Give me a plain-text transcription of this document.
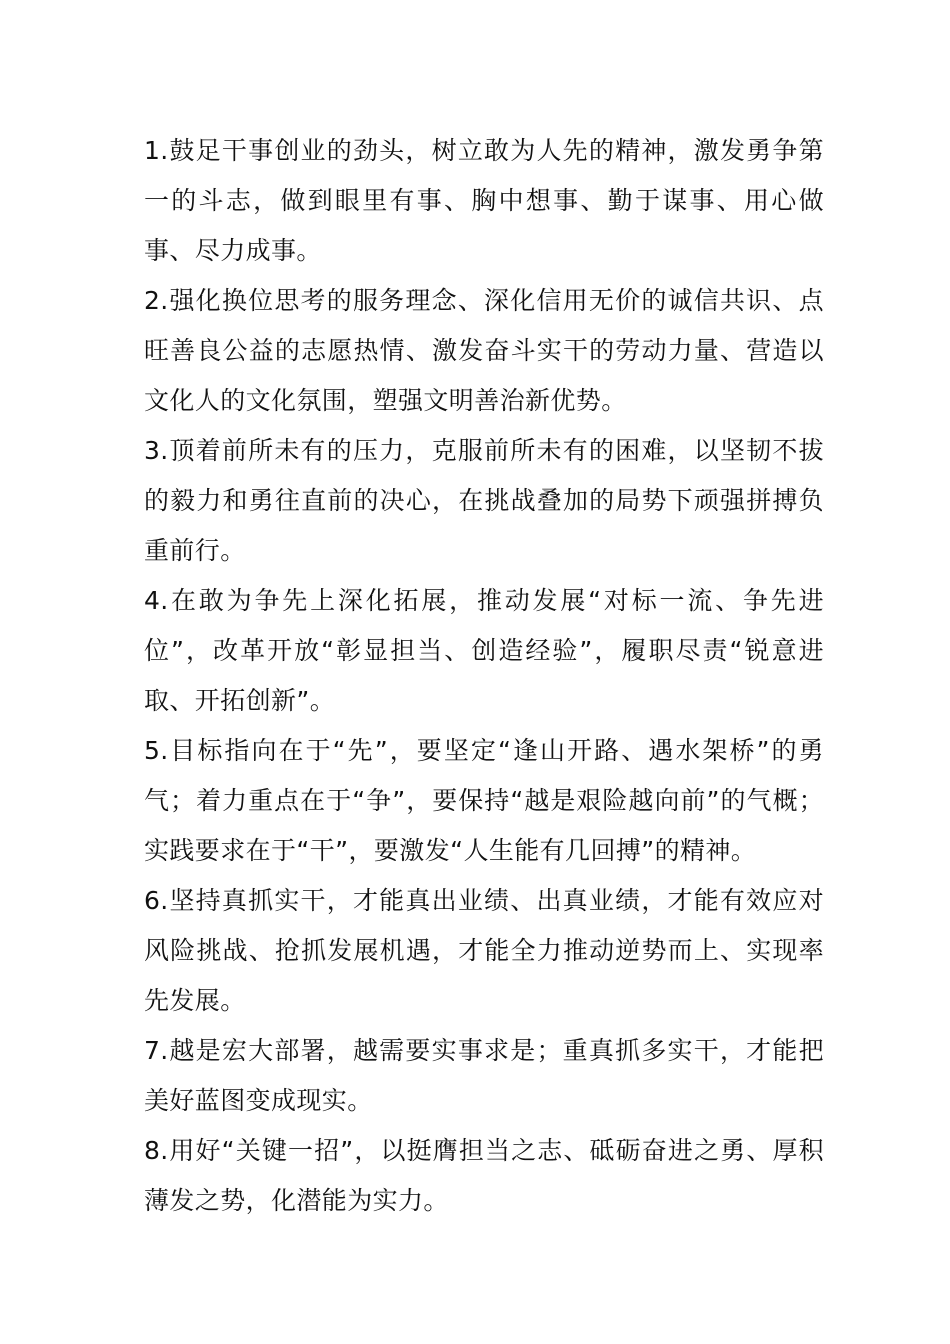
1.鼓足干事创业的劲头，树立敢为人先的精神，激发勇争第一的斗志，做到眼里有事、胸中想事、勤于谋事、用心做事、尽力成事。

2.强化换位思考的服务理念、深化信用无价的诚信共识、点旺善良公益的志愿热情、激发奋斗实干的劳动力量、营造以文化人的文化氛围，塑强文明善治新优势。

3.顶着前所未有的压力，克服前所未有的困难，以坚韧不拔的毅力和勇往直前的决心，在挑战叠加的局势下顽强拼搏负重前行。

4.在敢为争先上深化拓展，推动发展“对标一流、争先进位”，改革开放“彰显担当、创造经验”，履职尽责“锐意进取、开拓创新”。

5.目标指向在于“先”，要坚定“逢山开路、遇水架桥”的勇气；着力重点在于“争”，要保持“越是艰险越向前”的气概；实践要求在于“干”，要激发“人生能有几回搏”的精神。

6.坚持真抓实干，才能真出业绩、出真业绩，才能有效应对风险挑战、抢抓发展机遇，才能全力推动逆势而上、实现率先发展。

7.越是宏大部署，越需要实事求是；重真抓多实干，才能把美好蓝图变成现实。

8.用好“关键一招”，以挺膺担当之志、砥砺奋进之勇、厚积薄发之势，化潜能为实力。
